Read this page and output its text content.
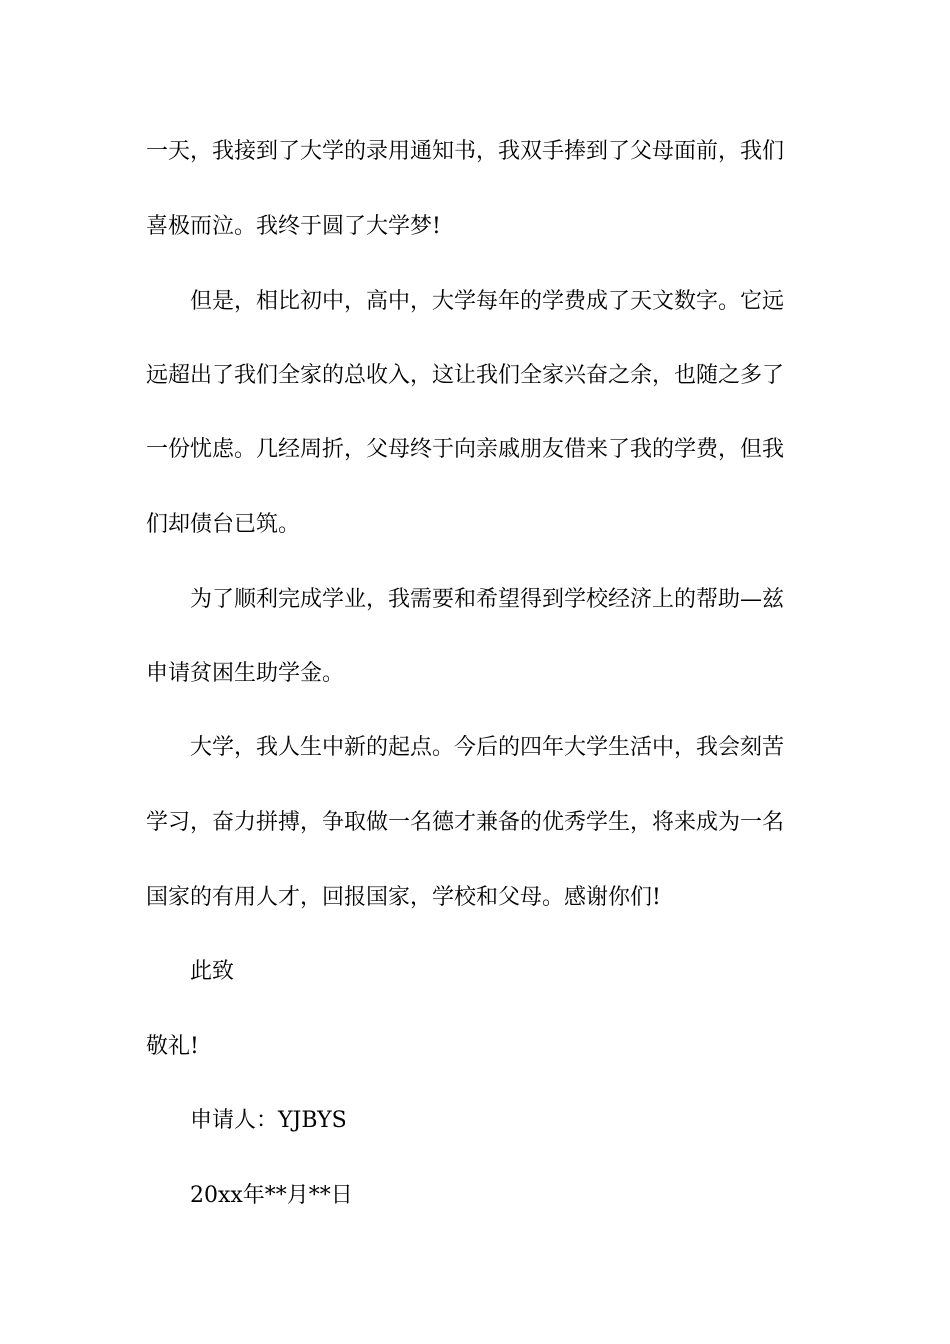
一天，我接到了大学的录用通知书，我双手捧到了父母面前，我们
喜极而泣。我终于圆了大学梦!
但是，相比初中，高中，大学每年的学费成了天文数字。它远
远超出了我们全家的总收入，这让我们全家兴奋之余，也随之多了
一份忧虑。几经周折，父母终于向亲戚朋友借来了我的学费，但我
们却债台已筑。
为了顺利完成学业，我需要和希望得到学校经济上的帮助—兹
申请贫困生助学金。
大学，我人生中新的起点。今后的四年大学生活中，我会刻苦
学习，奋力拼搏，争取做一名德才兼备的优秀学生，将来成为一名
国家的有用人才，回报国家，学校和父母。感谢你们!
此致
敬礼!
申请人：YJBYS
20xx年**月**日
